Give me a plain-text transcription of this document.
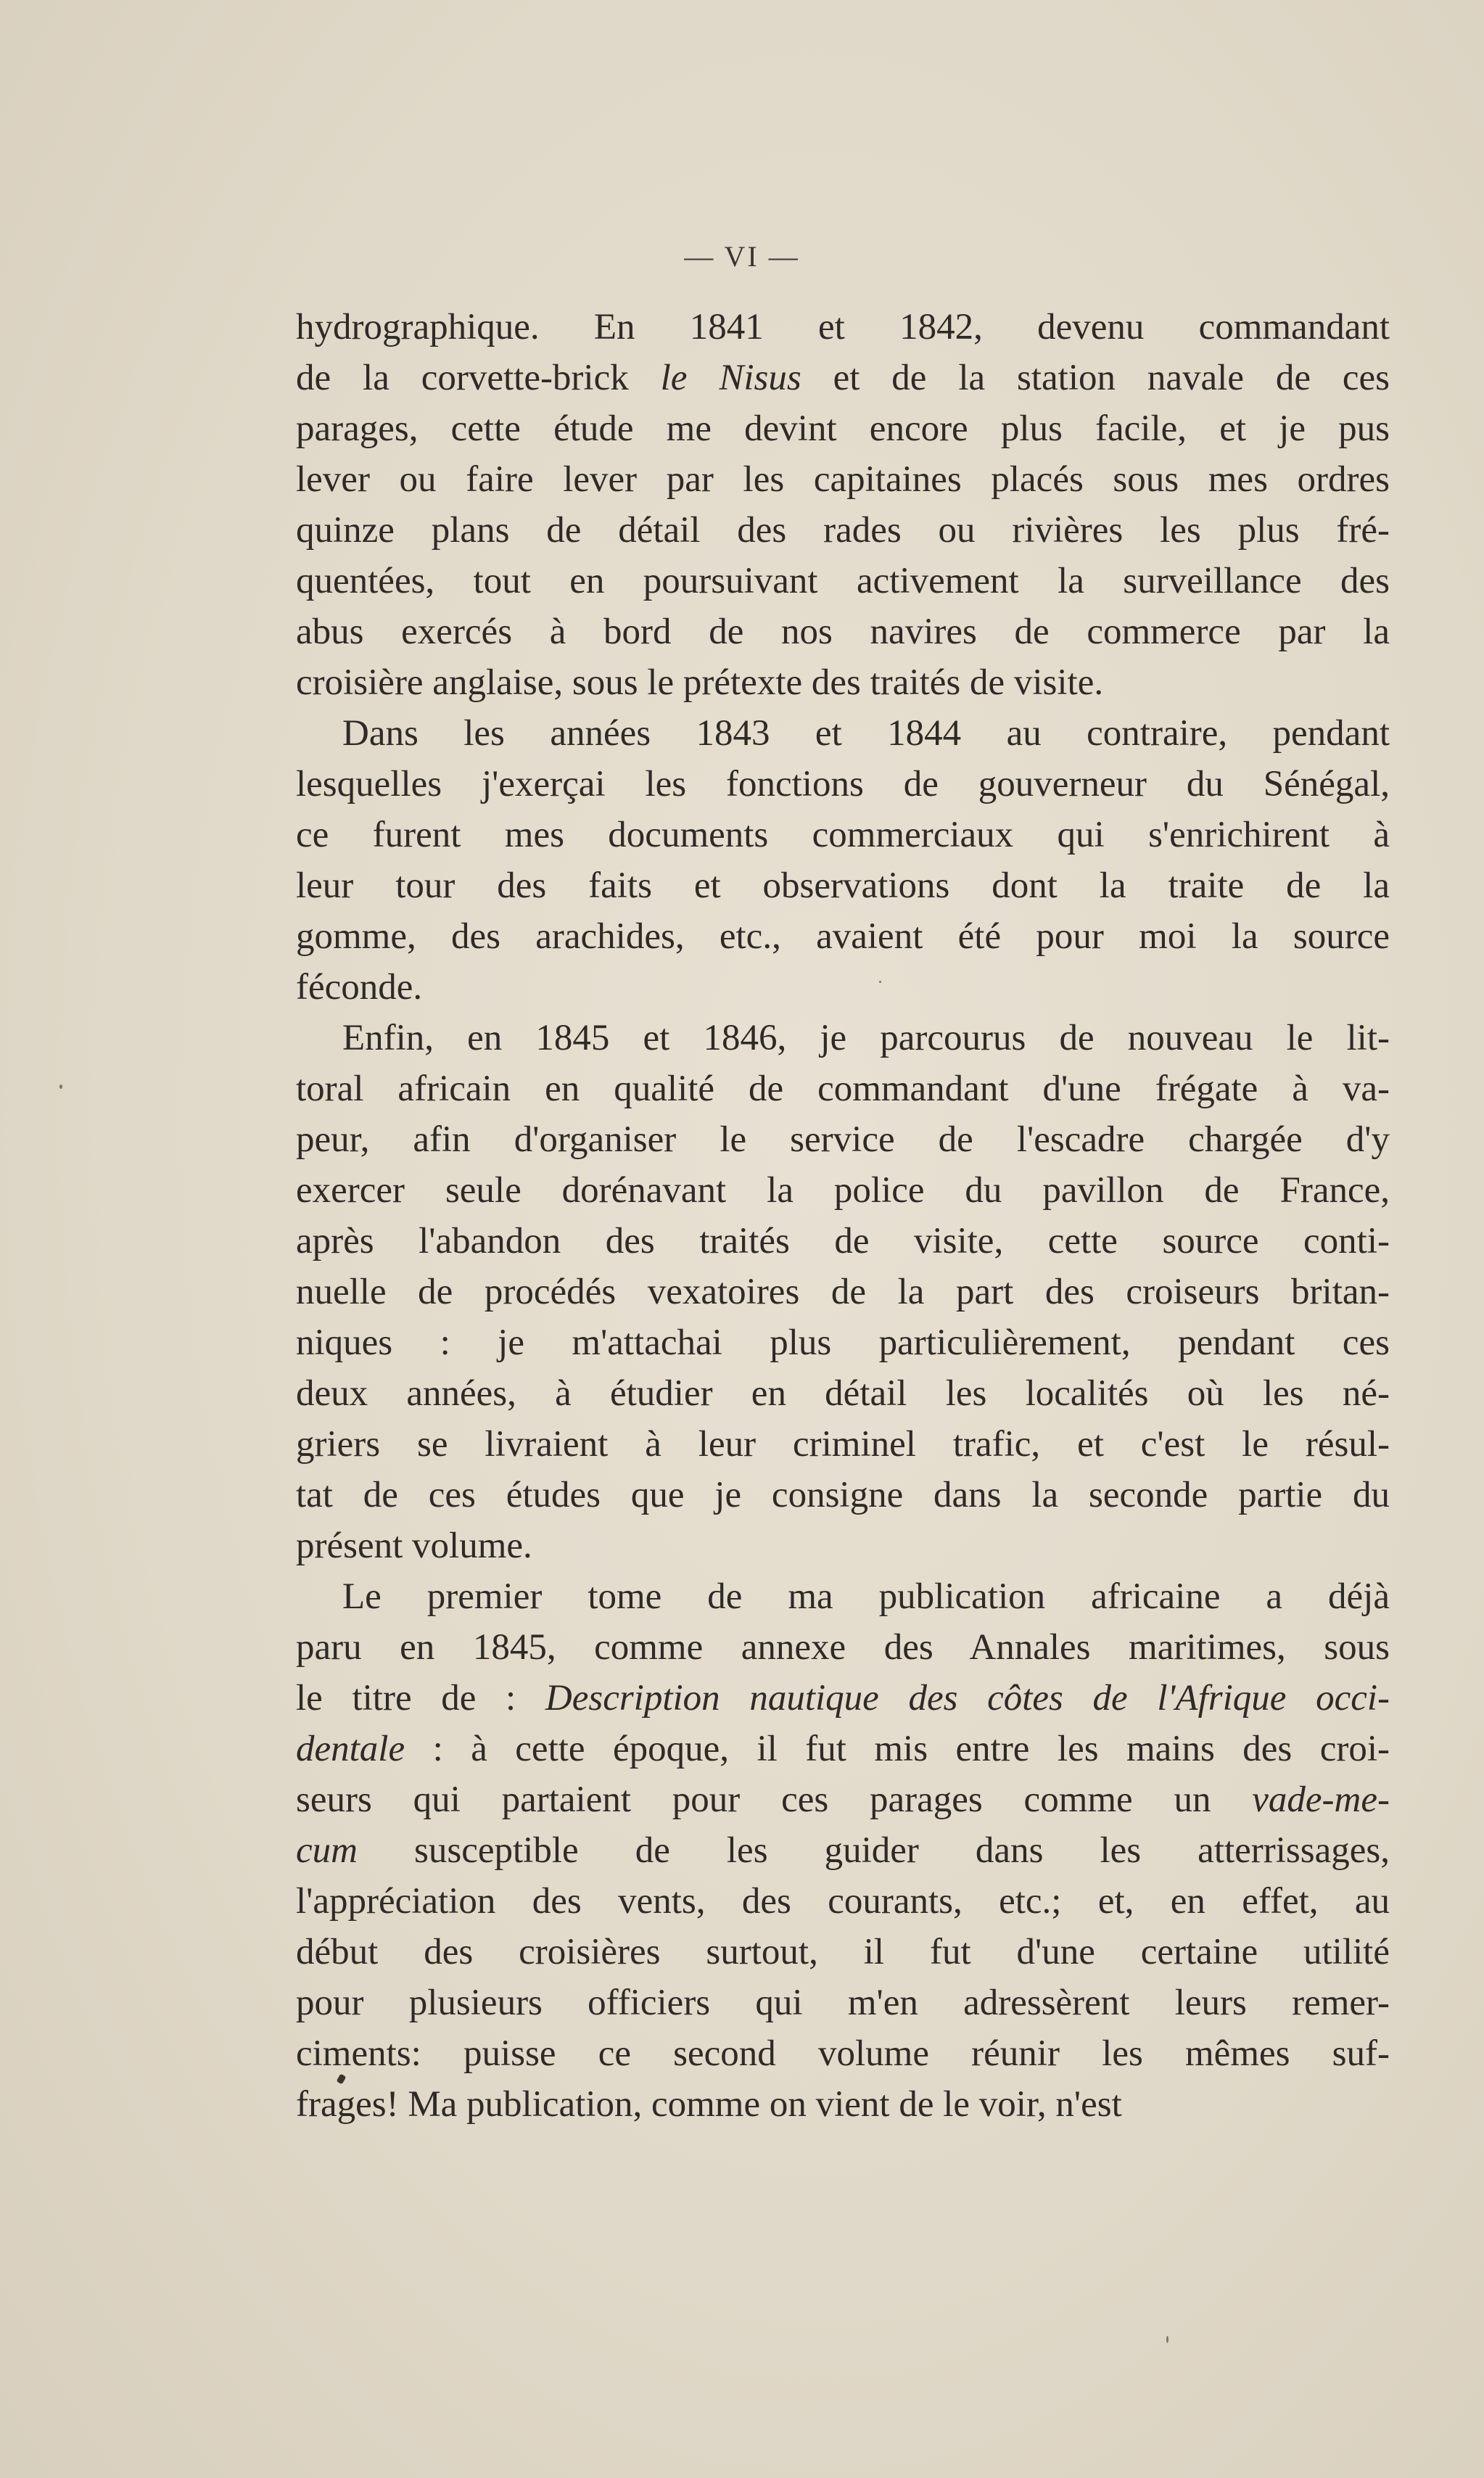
— VI —
hydrographique. En 1841 et 1842, devenu commandant
de la corvette-brick le Nisus et de la station navale de ces
parages, cette étude me devint encore plus facile, et je pus
lever ou faire lever par les capitaines placés sous mes ordres
quinze plans de détail des rades ou rivières les plus fré-
quentées, tout en poursuivant activement la surveillance des
abus exercés à bord de nos navires de commerce par la
croisière anglaise, sous le prétexte des traités de visite.
Dans les années 1843 et 1844 au contraire, pendant
lesquelles j'exerçai les fonctions de gouverneur du Sénégal,
ce furent mes documents commerciaux qui s'enrichirent à
leur tour des faits et observations dont la traite de la
gomme, des arachides, etc., avaient été pour moi la source
féconde.
Enfin, en 1845 et 1846, je parcourus de nouveau le lit-
toral africain en qualité de commandant d'une frégate à va-
peur, afin d'organiser le service de l'escadre chargée d'y
exercer seule dorénavant la police du pavillon de France,
après l'abandon des traités de visite, cette source conti-
nuelle de procédés vexatoires de la part des croiseurs britan-
niques : je m'attachai plus particulièrement, pendant ces
deux années, à étudier en détail les localités où les né-
griers se livraient à leur criminel trafic, et c'est le résul-
tat de ces études que je consigne dans la seconde partie du
présent volume.
Le premier tome de ma publication africaine a déjà
paru en 1845, comme annexe des Annales maritimes, sous
le titre de : Description nautique des côtes de l'Afrique occi-
dentale : à cette époque, il fut mis entre les mains des croi-
seurs qui partaient pour ces parages comme un vade-me-
cum susceptible de les guider dans les atterrissages,
l'appréciation des vents, des courants, etc.; et, en effet, au
début des croisières surtout, il fut d'une certaine utilité
pour plusieurs officiers qui m'en adressèrent leurs remer-
ciments: puisse ce second volume réunir les mêmes suf-
frages! Ma publication, comme on vient de le voir, n'est
